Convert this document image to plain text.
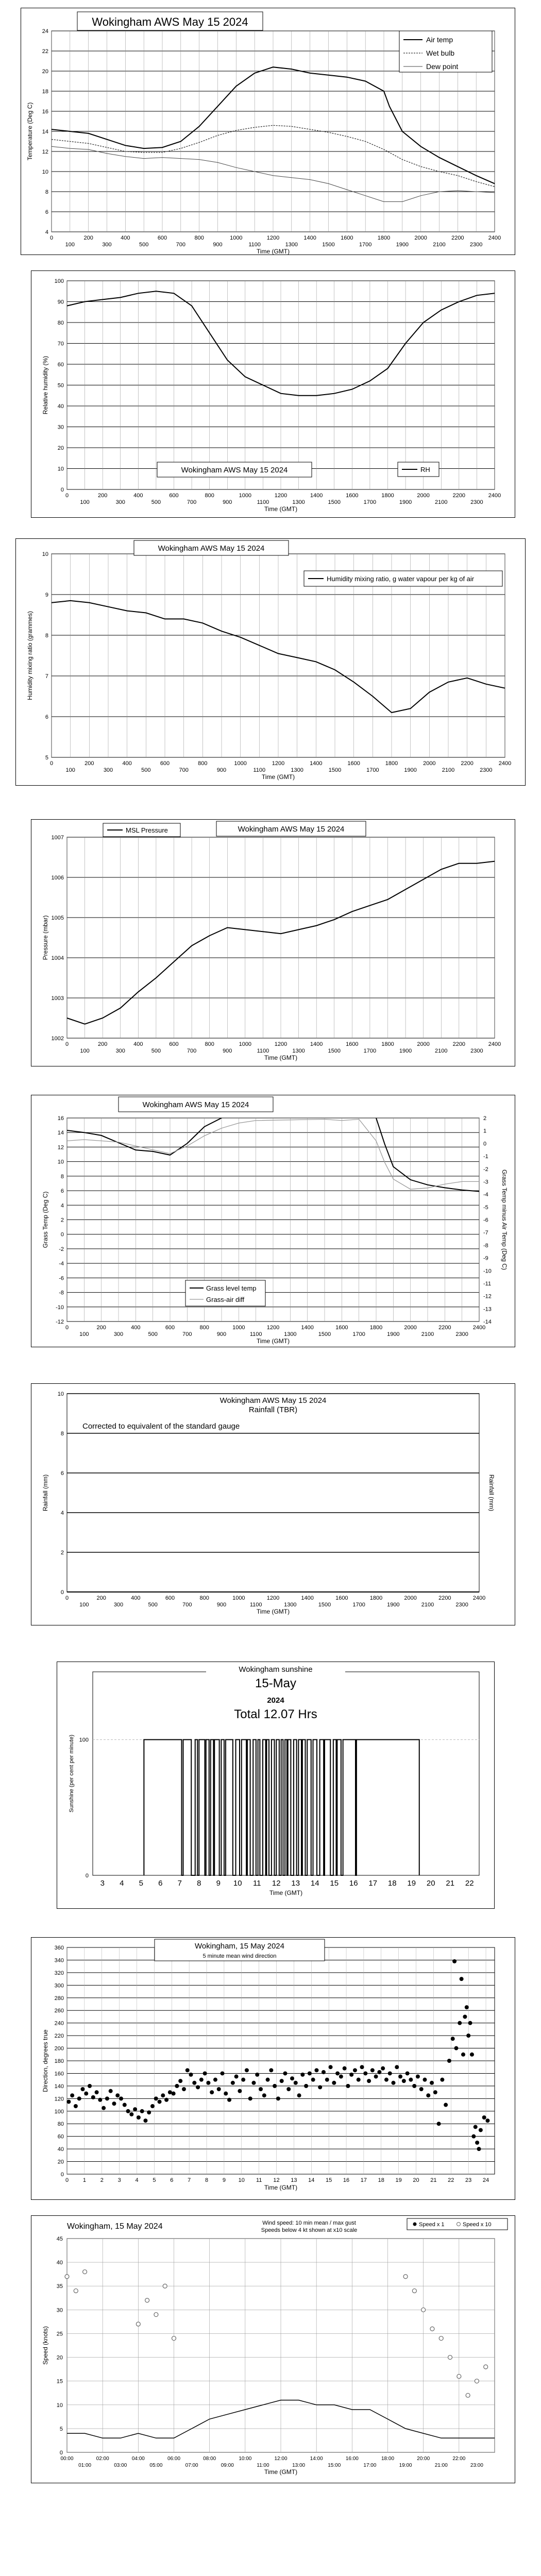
4
6
8
10
12
14
16
18
20
22
24
0
100
200
300
400
500
600
700
800
900
1000
1100
1200
1300
1400
1500
1600
1700
1800
1900
2000
2100
2200
2300
2400
Time (GMT)
Temperature (Deg C)
Wokingham AWS May 15 2024
Air temp
Wet bulb
Dew point
0
10
20
30
40
50
60
70
80
90
100
0
100
200
300
400
500
600
700
800
900
1000
1100
1200
1300
1400
1500
1600
1700
1800
1900
2000
2100
2200
2300
2400
Time (GMT)
Relative humidity (%)
Wokingham AWS May 15 2024	RH
5
6
7
8
9
10
0
100
200
300
400
500
600
700
800
900
1000
1100
1200
1300
1400
1500
1600
1700
1800
1900
2000
2100
2200
2300
2400
Time (GMT)
Humidity mixing ratio (grammes)
Wokingham AWS May 15 2024
Humidity mixing ratio, g water vapour per kg of air
1002
1003
1004
1005
1006
1007
0
100
200
300
400
500
600
700
800
900
1000
1100
1200
1300
1400
1500
1600
1700
1800
1900
2000
2100
2200
2300
2400
Time (GMT)
Pressure (mbar)
MSL Pressure	Wokingham AWS May 15 2024
-12
-10
-8
-6
-4
-2
0
2
4
6
8
10
12
14
16
0
100
200
300
400
500
600
700
800
900
1000
1100
1200
1300
1400
1500
1600
1700
1800
1900
2000
2100
2200
2300
2400
Time (GMT)
Grass Temp (Deg C)
-14
-13
-12
-11
-10
-9
-8
-7
-6
-5
-4
-3
-2
-1
0
1
2
Grass Temp minus Air Temp (Deg C)
Wokingham AWS May 15 2024
Grass level temp
Grass-air diff
0
2
4
6
8
10
0
100
200
300
400
500
600
700
800
900
1000
1100
1200
1300
1400
1500
1600
1700
1800
1900
2000
2100
2200
2300
2400
Time (GMT)
Rainfall (mm)	Rainfall (mm)
Wokingham AWS May 15 2024
Rainfall (TBR)
Corrected to equivalent of the standard gauge
0
100
3 4 5 6 7 8 9 10 11 12 13 14 15 16 17 18 19 20 21 22
Time (GMT)
Sunshine (per cent per minute)
Wokingham sunshine
15-May
2024
Total 12.07 Hrs
0
20
40
60
80
100
120
140
160
180
200
220
240
260
280
300
320
340
360
0	1	2	3	4	5	6	7	8	9 10 11 12 13 14 15 16 17 18 19 20 21 22 23 24
Time (GMT)
Direction, degrees true
Wokingham, 15 May 2024
5 minute mean wind direction
0
5
10
15
20
25
30
35
40
45
00:00	02:00	04:00	06:00	08:00	10:00	12:00	14:00	16:00	18:00	20:00	22:00
01:00	03:00	05:00	07:00	09:00	11:00	13:00	15:00	17:00	19:00	21:00	23:00
Time (GMT)
Speed (knots)
Wokingham, 15 May 2024	Wind speed: 10 min mean / max gust
Speeds below 4 kt shown at x10 scale
Speed x 1	Speed x 10
